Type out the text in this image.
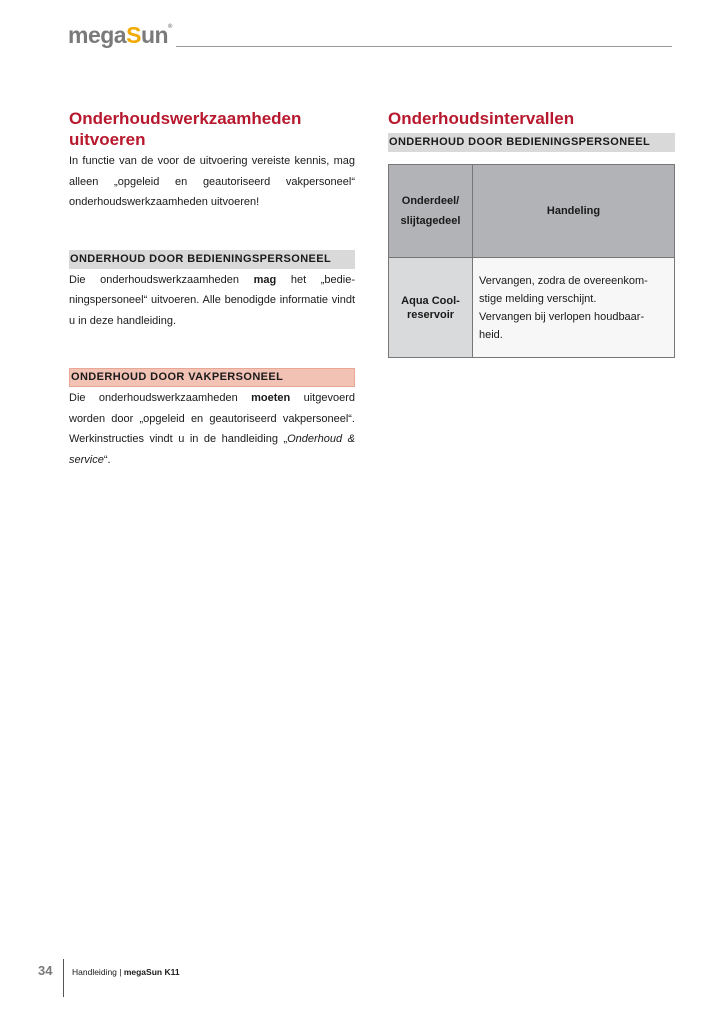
megaSun®
Onderhoudswerkzaamheden
uitvoeren

In functie van de voor de uitvoering vereiste kennis, mag alleen „opgeleid en geautoriseerd vakpersoneel“ onderhoudswerkzaamheden uitvoeren!

ONDERHOUD DOOR BEDIENINGSPERSONEEL

Die onderhoudswerkzaamheden mag het „bedieningspersoneel“ uitvoeren. Alle benodigde informatie vindt u in deze handleiding.

ONDERHOUD DOOR VAKPERSONEEL

Die onderhoudswerkzaamheden moeten uitgevoerd worden door „opgeleid en geautoriseerd vakpersoneel“. Werkinstructies vindt u in de handleiding „Onderhoud & service“.

Onderhoudsintervallen
ONDERHOUD DOOR BEDIENINGSPERSONEEL
Onderdeel/
slijtagedeel	Handeling
Aqua Cool-
reservoir	Vervangen, zodra de overeenkom-
stige melding verschijnt.
Vervangen bij verlopen houdbaar-
heid.
34 Handleiding | megaSun K11
